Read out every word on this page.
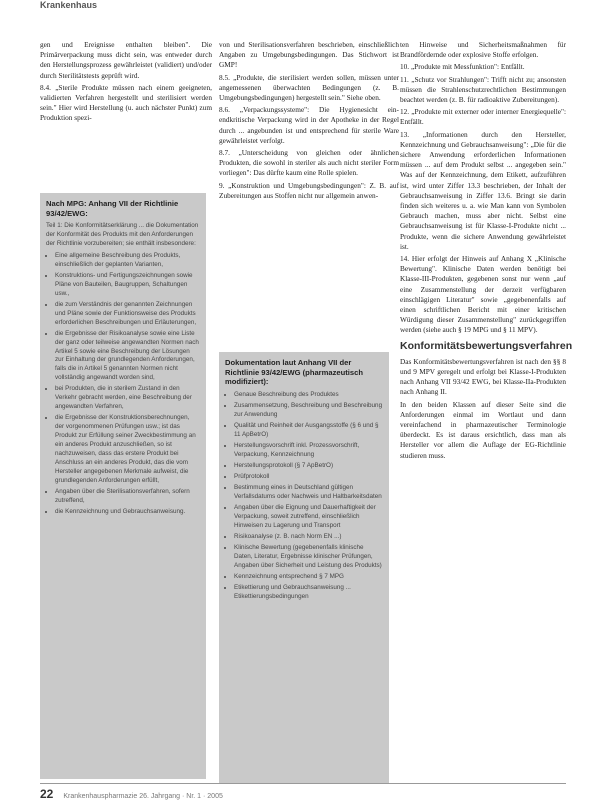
Krankenhaus

gen und Ereignisse enthalten bleiben". Die Primärverpackung muss dicht sein, was entweder durch den Herstellungsprozess gewährleistet (validiert) und/oder durch Sterilitätstests geprüft wird.

8.4. „Sterile Produkte müssen nach einem geeigneten, validierten Verfahren hergestellt und sterilisiert werden sein." Hier wird Herstellung (u. auch nächster Punkt) zum Produktion spezi-

Nach MPG: Anhang VII der Richtlinie 93/42/EWG:

Teil 1: Die Konformitätserklärung ... die Dokumentation der Konformität des Produkts mit den Anforderungen der Richtlinie vorzubereiten; sie enthält insbesondere:

• Eine allgemeine Beschreibung des Produkts, einschließlich der geplanten Varianten,
• Konstruktions- und Fertigungszeichnungen sowie Pläne von Bauteilen, Baugruppen, Schaltungen usw.,
• die zum Verständnis der genannten Zeichnungen und Pläne sowie der Funktionsweise des Produkts erforderlichen Beschreibungen und Erläuterungen,
• die Ergebnisse der Risikoanalyse sowie eine Liste der ganz oder teilweise angewandten Normen nach Artikel 5 sowie eine Beschreibung der Lösungen zur Einhaltung der grundlegenden Anforderungen, falls die in Artikel 5 genannten Normen nicht vollständig angewandt worden sind,
• bei Produkten, die in sterilem Zustand in den Verkehr gebracht werden, eine Beschreibung der angewandten Verfahren,
• die Ergebnisse der Konstruktionsberechnungen, der vorgenommenen Prüfungen usw.; ist das Produkt zur Erfüllung seiner Zweckbestimmung an ein anderes Produkt anzuschließen, so ist nachzuweisen, dass das erstere Produkt bei Anschluss an ein anderes Produkt, das die vom Hersteller angegebenen Merkmale aufweist, die grundlegenden Anforderungen erfüllt,
• Angaben über die Sterilisationsverfahren, sofern zutreffend,
• die Kennzeichnung und Gebrauchsanweisung.

von und Sterilisationsverfahren beschrieben, einschließlich Angaben zu Umgebungsbedingungen. Das Stichwort ist GMP!

8.5. „Produkte, die sterilisiert werden sollen, müssen unter angemessenen überwachten Bedingungen (z. B. Umgebungsbedingungen) hergestellt sein." Siehe oben.

8.6. „Verpackungssysteme": Die Hygienesicht ein-endkritische Verpackung wird in der Apotheke in der Regel durch ... angebunden ist und entsprechend für sterile Ware gewährleistet verfolgt.

8.7. „Unterscheidung von gleichen oder ähnlichen Produkten, die sowohl in steriler als auch nicht steriler Form vorliegen": Das dürfte kaum eine Rolle spielen.

9. „Konstruktion und Umgebungsbedingungen": Z. B. auf Zubereitungen aus Stoffen nicht nur allgemein anwen-

Dokumentation laut Anhang VII der Richtlinie 93/42/EWG (pharmazeutisch modifiziert):
• Genaue Beschreibung des Produktes
• Zusammensetzung, Beschreibung und Beschreibung zur Anwendung
• Qualität und Reinheit der Ausgangsstoffe (§ 6 und § 11 ApBetrO)
• Herstellungsvorschrift inkl. Prozessvorschrift, Verpackung, Kennzeichnung
• Herstellungsprotokoll (§ 7 ApBetrO)
• Prüfprotokoll
• Bestimmung eines in Deutschland gültigen Verfallsdatums oder Nachweis und Haltbarkeitsdaten
• Angaben über die Eignung und Dauerhaftigkeit der Verpackung, soweit zutreffend, einschließlich Hinweisen zu Lagerung und Transport
• Risikoanalyse (z. B. nach Norm EN ...)
• Klinische Bewertung (gegebenenfalls klinische Daten, Literatur, Ergebnisse klinischer Prüfungen, Angaben über Sicherheit und Leistung des Produkts)
• Kennzeichnung entsprechend § 7 MPG
• Etikettierung und Gebrauchsanweisung ... Etikettierungsbedingungen

ten Hinweise und Sicherheitsmaßnahmen für Brandfördernde oder explosive Stoffe erfolgen.

10. „Produkte mit Messfunktion": Entfällt.

11. „Schutz vor Strahlungen": Trifft nicht zu; ansonsten müssen die Strahlenschutzrechtlichen Bestimmungen beachtet werden (z. B. für radioaktive Zubereitungen).

12. „Produkte mit externer oder interner Energiequelle": Entfällt.

13. „Informationen durch den Hersteller, Kennzeichnung und Gebrauchsanweisung": „Die für die sichere Anwendung erforderlichen Informationen müssen ... auf dem Produkt selbst ... angegeben sein." Was auf der Kennzeichnung, dem Etikett, aufzuführen ist, wird unter Ziffer 13.3 beschrieben, der Inhalt der Gebrauchsanweisung in Ziffer 13.6. Bringt sie darin finden sich weiteres u. a. wie Man kann von Symbolen Gebrauch machen, muss aber nicht. Selbst eine Gebrauchsanweisung ist für Klasse-I-Produkte nicht ... Produkte, wenn die sichere Anwendung gewährleistet ist.

14. Hier erfolgt der Hinweis auf Anhang X „Klinische Bewertung". Klinische Daten werden benötigt bei Klasse-III-Produkten, gegebenen sonst nur wenn „auf eine Zusammenstellung der derzeit verfügbaren einschlägigen Literatur" sowie „gegebenenfalls auf einen schriftlichen Bericht mit einer kritischen Würdigung dieser Zusammenstellung" zurückgegriffen werden (siehe auch § 19 MPG und § 11 MPV).

Konformitätsbewertungsverfahren

Das Konformitätsbewertungsverfahren ist nach den §§ 8 und 9 MPV geregelt und erfolgt bei Klasse-I-Produkten nach Anhang VII 93/42 EWG, bei Klasse-IIa-Produkten nach Anhang II.

In den beiden Klassen auf dieser Seite sind die Anforderungen einmal im Wortlaut und dann vereinfachend in pharmazeutischer Terminologie überdeckt. Es ist daraus ersichtlich, dass man als Hersteller vor allem die Auflage der EG-Richtlinie studieren muss.

22 Krankenhauspharmazie 26. Jahrgang · Nr. 1 · 2005
